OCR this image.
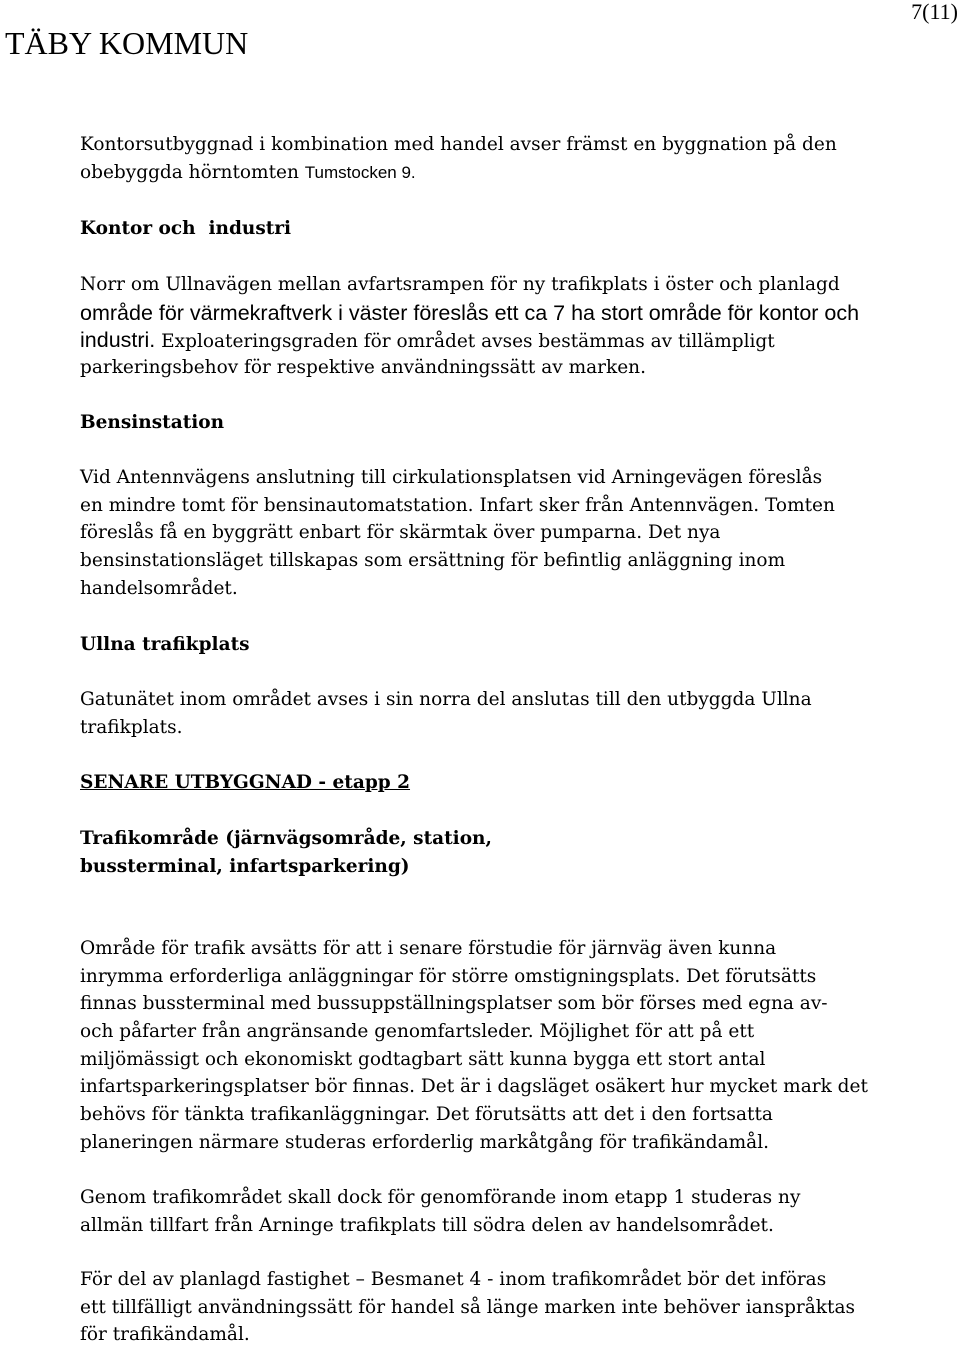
TÄBY KOMMUN
7(11)
Kontorsutbyggnad i kombination med handel avser främst en byggnation på den
obebyggda hörntomten Tumstocken 9.
Kontor och  industri
Norr om Ullnavägen mellan avfartsrampen för ny trafikplats i öster och planlagd
område för värmekraftverk i väster föreslås ett ca 7 ha stort område för kontor och
industri. Exploateringsgraden för området avses bestämmas av tillämpligt
parkeringsbehov för respektive användningssätt av marken.
Bensinstation
Vid Antennvägens anslutning till cirkulationsplatsen vid Arningevägen föreslås
en mindre tomt för bensinautomatstation. Infart sker från Antennvägen. Tomten
föreslås få en byggrätt enbart för skärmtak över pumparna. Det nya
bensinstationsläget tillskapas som ersättning för befintlig anläggning inom
handelsområdet.
Ullna trafikplats
Gatunätet inom området avses i sin norra del anslutas till den utbyggda Ullna
trafikplats.
SENARE UTBYGGNAD - etapp 2
Trafikområde (järnvägsområde, station,
bussterminal, infartsparkering)
Område för trafik avsätts för att i senare förstudie för järnväg även kunna
inrymma erforderliga anläggningar för större omstigningsplats. Det förutsätts
finnas bussterminal med bussuppställningsplatser som bör förses med egna av-
och påfarter från angränsande genomfartsleder. Möjlighet för att på ett
miljömässigt och ekonomiskt godtagbart sätt kunna bygga ett stort antal
infartsparkeringsplatser bör finnas. Det är i dagsläget osäkert hur mycket mark det
behövs för tänkta trafikanläggningar. Det förutsätts att det i den fortsatta
planeringen närmare studeras erforderlig markåtgång för trafikändamål.
Genom trafikområdet skall dock för genomförande inom etapp 1 studeras ny
allmän tillfart från Arninge trafikplats till södra delen av handelsområdet.
För del av planlagd fastighet – Besmanet 4 - inom trafikområdet bör det införas
ett tillfälligt användningssätt för handel så länge marken inte behöver ianspråktas
för trafikändamål.
